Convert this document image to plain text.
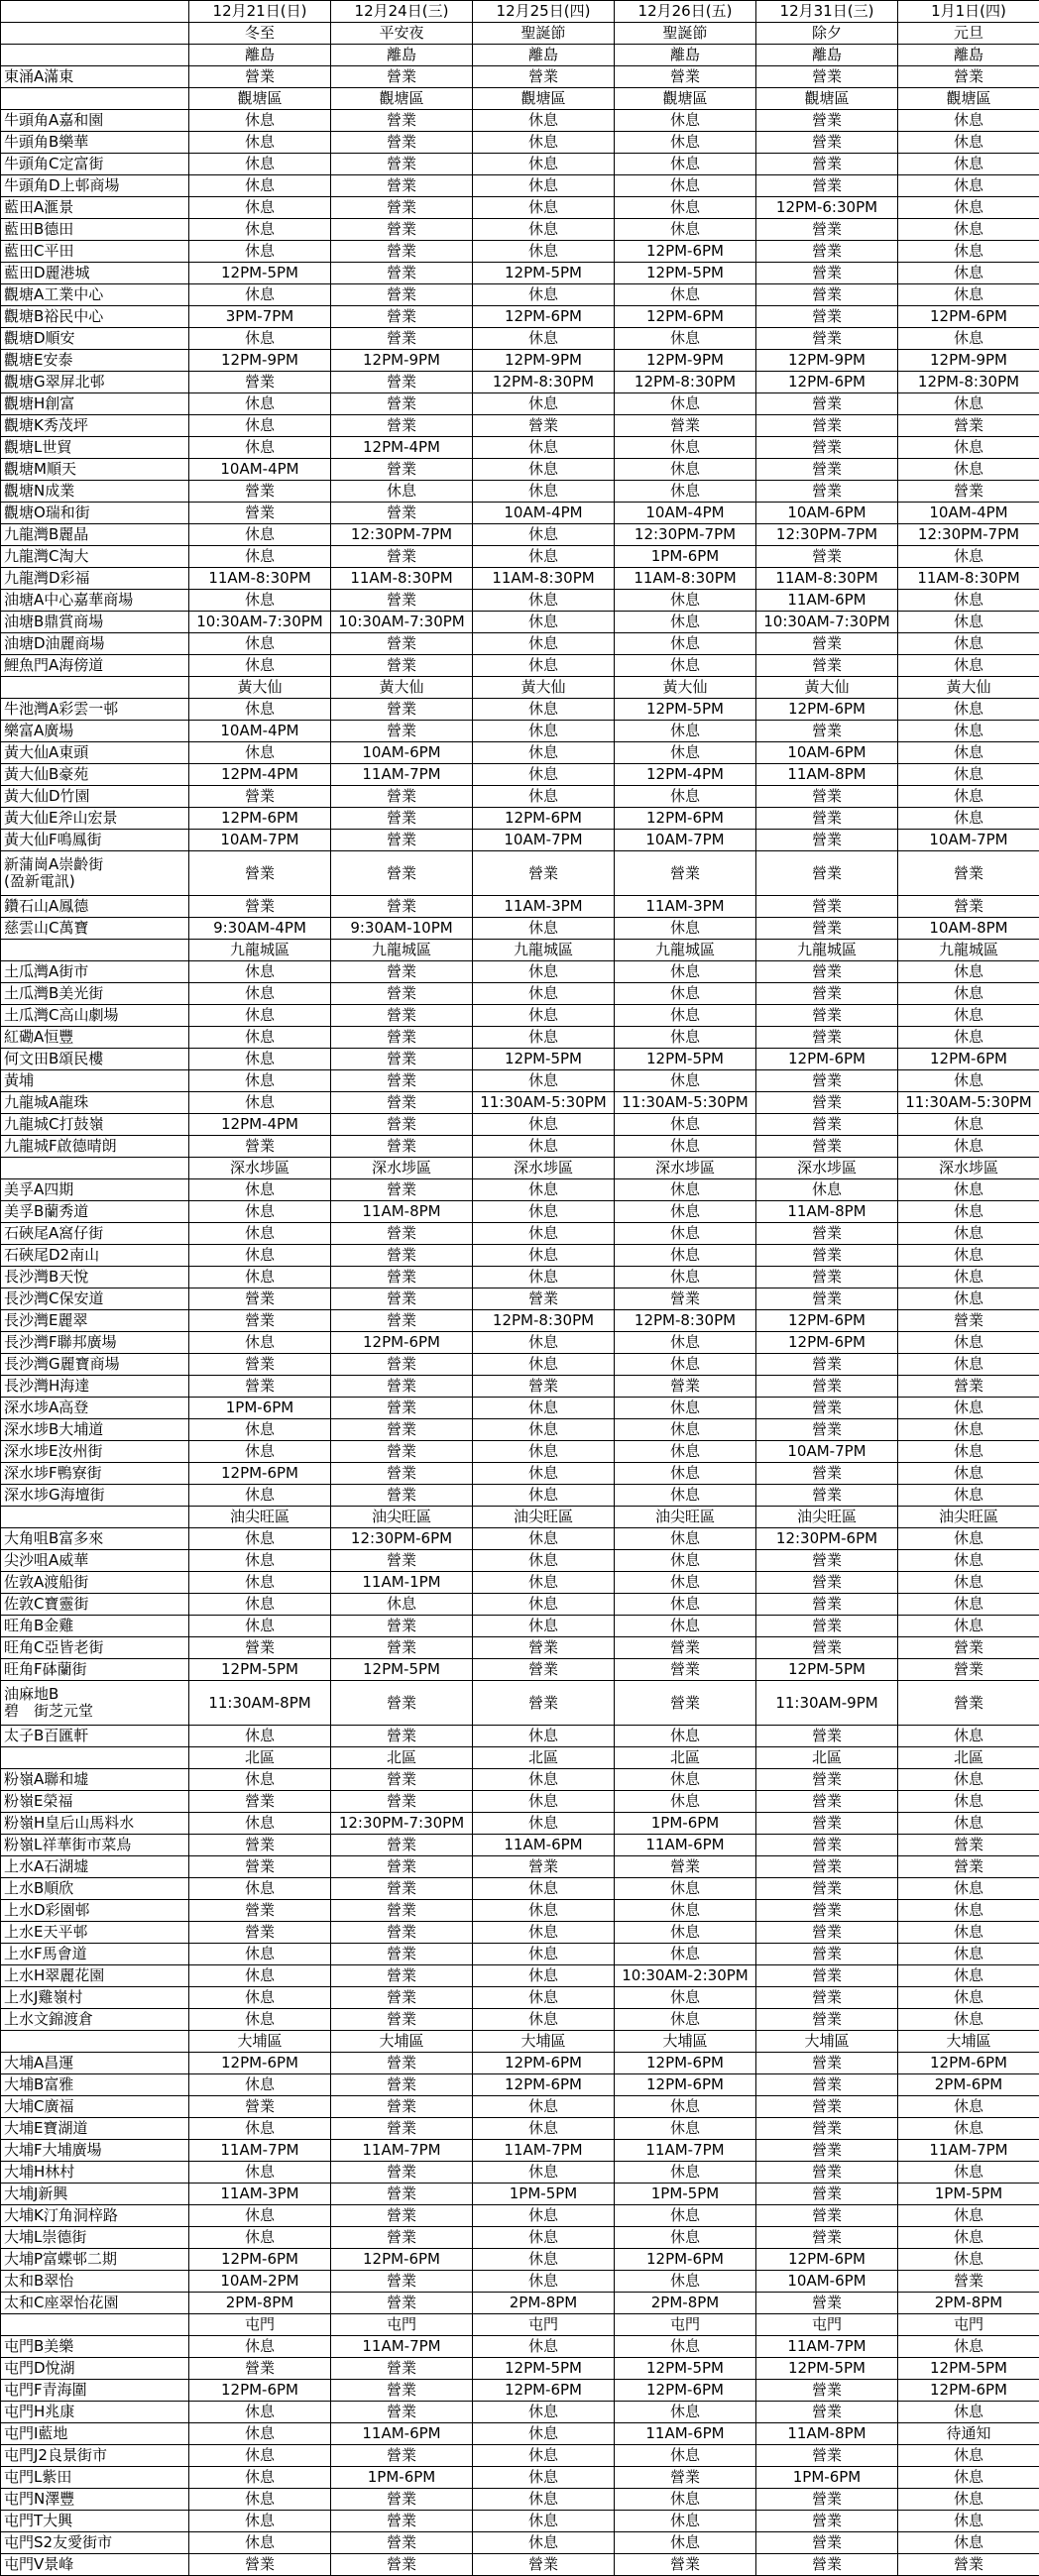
	12月21日(日)	12月24日(三)	12月25日(四)	12月26日(五)	12月31日(三)	1月1日(四)
	冬至	平安夜	聖誕節	聖誕節	除夕	元旦
	離島	離島	離島	離島	離島	離島
東涌A滿東	營業	營業	營業	營業	營業	營業
	觀塘區	觀塘區	觀塘區	觀塘區	觀塘區	觀塘區
牛頭角A嘉和園	休息	營業	休息	休息	營業	休息
牛頭角B樂華	休息	營業	休息	休息	營業	休息
牛頭角C定富街	休息	營業	休息	休息	營業	休息
牛頭角D上邨商場	休息	營業	休息	休息	營業	休息
藍田A滙景	休息	營業	休息	休息	12PM-6:30PM	休息
藍田B德田	休息	營業	休息	休息	營業	休息
藍田C平田	休息	營業	休息	12PM-6PM	營業	休息
藍田D麗港城	12PM-5PM	營業	12PM-5PM	12PM-5PM	營業	休息
觀塘A工業中心	休息	營業	休息	休息	營業	休息
觀塘B裕民中心	3PM-7PM	營業	12PM-6PM	12PM-6PM	營業	12PM-6PM
觀塘D順安	休息	營業	休息	休息	營業	休息
觀塘E安泰	12PM-9PM	12PM-9PM	12PM-9PM	12PM-9PM	12PM-9PM	12PM-9PM
觀塘G翠屏北邨	營業	營業	12PM-8:30PM	12PM-8:30PM	12PM-6PM	12PM-8:30PM
觀塘H創富	休息	營業	休息	休息	營業	休息
觀塘K秀茂坪	休息	營業	營業	營業	營業	營業
觀塘L世貿	休息	12PM-4PM	休息	休息	營業	休息
觀塘M順天	10AM-4PM	營業	休息	休息	營業	休息
觀塘N成業	營業	休息	休息	休息	營業	營業
觀塘O瑞和街	營業	營業	10AM-4PM	10AM-4PM	10AM-6PM	10AM-4PM
九龍灣B麗晶	休息	12:30PM-7PM	休息	12:30PM-7PM	12:30PM-7PM	12:30PM-7PM
九龍灣C淘大	休息	營業	休息	1PM-6PM	營業	休息
九龍灣D彩福	11AM-8:30PM	11AM-8:30PM	11AM-8:30PM	11AM-8:30PM	11AM-8:30PM	11AM-8:30PM
油塘A中心嘉華商場	休息	營業	休息	休息	11AM-6PM	休息
油塘B鼎賞商場	10:30AM-7:30PM	10:30AM-7:30PM	休息	休息	10:30AM-7:30PM	休息
油塘D油麗商場	休息	營業	休息	休息	營業	休息
鯉魚門A海傍道	休息	營業	休息	休息	營業	休息
	黃大仙	黃大仙	黃大仙	黃大仙	黃大仙	黃大仙
牛池灣A彩雲一邨	休息	營業	休息	12PM-5PM	12PM-6PM	休息
樂富A廣場	10AM-4PM	營業	休息	休息	營業	休息
黃大仙A東頭	休息	10AM-6PM	休息	休息	10AM-6PM	休息
黃大仙B豪苑	12PM-4PM	11AM-7PM	休息	12PM-4PM	11AM-8PM	休息
黃大仙D竹園	營業	營業	休息	休息	營業	休息
黃大仙E斧山宏景	12PM-6PM	營業	12PM-6PM	12PM-6PM	營業	休息
黃大仙F鳴鳳街	10AM-7PM	營業	10AM-7PM	10AM-7PM	營業	10AM-7PM
新蒲崗A崇齡街
(盈新電訊)	營業	營業	營業	營業	營業	營業
鑽石山A鳳德	營業	營業	11AM-3PM	11AM-3PM	營業	營業
慈雲山C萬寶	9:30AM-4PM	9:30AM-10PM	休息	休息	營業	10AM-8PM
	九龍城區	九龍城區	九龍城區	九龍城區	九龍城區	九龍城區
土瓜灣A街市	休息	營業	休息	休息	營業	休息
土瓜灣B美光街	休息	營業	休息	休息	營業	休息
土瓜灣C高山劇場	休息	營業	休息	休息	營業	休息
紅磡A恒豐	休息	營業	休息	休息	營業	休息
何文田B頌民樓	休息	營業	12PM-5PM	12PM-5PM	12PM-6PM	12PM-6PM
黃埔	休息	營業	休息	休息	營業	休息
九龍城A龍珠	休息	營業	11:30AM-5:30PM	11:30AM-5:30PM	營業	11:30AM-5:30PM
九龍城C打鼓嶺	12PM-4PM	營業	休息	休息	營業	休息
九龍城F啟德晴朗	營業	營業	休息	休息	營業	休息
	深水埗區	深水埗區	深水埗區	深水埗區	深水埗區	深水埗區
美孚A四期	休息	營業	休息	休息	休息	休息
美孚B蘭秀道	休息	11AM-8PM	休息	休息	11AM-8PM	休息
石硤尾A窩仔街	休息	營業	休息	休息	營業	休息
石硤尾D2南山	休息	營業	休息	休息	營業	休息
長沙灣B天悅	休息	營業	休息	休息	營業	休息
長沙灣C保安道	營業	營業	營業	營業	營業	休息
長沙灣E麗翠	營業	營業	12PM-8:30PM	12PM-8:30PM	12PM-6PM	營業
長沙灣F聯邦廣場	休息	12PM-6PM	休息	休息	12PM-6PM	休息
長沙灣G麗寶商場	營業	營業	休息	休息	營業	休息
長沙灣H海達	營業	營業	營業	營業	營業	營業
深水埗A高登	1PM-6PM	營業	休息	休息	營業	休息
深水埗B大埔道	休息	營業	休息	休息	營業	休息
深水埗E汝州街	休息	營業	休息	休息	10AM-7PM	休息
深水埗F鴨寮街	12PM-6PM	營業	休息	休息	營業	休息
深水埗G海壇街	休息	營業	休息	休息	營業	休息
	油尖旺區	油尖旺區	油尖旺區	油尖旺區	油尖旺區	油尖旺區
大角咀B富多來	休息	12:30PM-6PM	休息	休息	12:30PM-6PM	休息
尖沙咀A威華	休息	營業	休息	休息	營業	休息
佐敦A渡船街	休息	11AM-1PM	休息	休息	營業	休息
佐敦C寶靈街	休息	休息	休息	休息	營業	休息
旺角B金雞	休息	營業	休息	休息	營業	休息
旺角C亞皆老街	營業	營業	營業	營業	營業	營業
旺角F砵蘭街	12PM-5PM	12PM-5PM	營業	營業	12PM-5PM	營業
油麻地B
碧　街芝元堂	11:30AM-8PM	營業	營業	營業	11:30AM-9PM	營業
太子B百匯軒	休息	營業	休息	休息	營業	休息
	北區	北區	北區	北區	北區	北區
粉嶺A聯和墟	休息	營業	休息	休息	營業	休息
粉嶺E榮福	營業	營業	休息	休息	營業	休息
粉嶺H皇后山馬料水	休息	12:30PM-7:30PM	休息	1PM-6PM	營業	休息
粉嶺L祥華街市菜鳥	營業	營業	11AM-6PM	11AM-6PM	營業	營業
上水A石湖墟	營業	營業	營業	營業	營業	營業
上水B順欣	休息	營業	休息	休息	營業	休息
上水D彩園邨	營業	營業	休息	休息	營業	休息
上水E天平邨	營業	營業	休息	休息	營業	休息
上水F馬會道	休息	營業	休息	休息	營業	休息
上水H翠麗花園	休息	營業	休息	10:30AM-2:30PM	營業	休息
上水J雞嶺村	休息	營業	休息	休息	營業	休息
上水文錦渡倉	休息	營業	休息	休息	營業	休息
	大埔區	大埔區	大埔區	大埔區	大埔區	大埔區
大埔A昌運	12PM-6PM	營業	12PM-6PM	12PM-6PM	營業	12PM-6PM
大埔B富雅	休息	營業	12PM-6PM	12PM-6PM	營業	2PM-6PM
大埔C廣福	營業	營業	休息	休息	營業	休息
大埔E寶湖道	休息	營業	休息	休息	營業	休息
大埔F大埔廣場	11AM-7PM	11AM-7PM	11AM-7PM	11AM-7PM	營業	11AM-7PM
大埔H林村	休息	營業	休息	休息	營業	休息
大埔J新興	11AM-3PM	營業	1PM-5PM	1PM-5PM	營業	1PM-5PM
大埔K汀角洞梓路	休息	營業	休息	休息	營業	休息
大埔L崇德街	休息	營業	休息	休息	營業	休息
大埔P富蝶邨二期	12PM-6PM	12PM-6PM	休息	12PM-6PM	12PM-6PM	休息
太和B翠怡	10AM-2PM	營業	休息	休息	10AM-6PM	營業
太和C座翠怡花園	2PM-8PM	營業	2PM-8PM	2PM-8PM	營業	2PM-8PM
	屯門	屯門	屯門	屯門	屯門	屯門
屯門B美樂	休息	11AM-7PM	休息	休息	11AM-7PM	休息
屯門D悅湖	營業	營業	12PM-5PM	12PM-5PM	12PM-5PM	12PM-5PM
屯門F青海圍	12PM-6PM	營業	12PM-6PM	12PM-6PM	營業	12PM-6PM
屯門H兆康	休息	營業	休息	休息	營業	休息
屯門I藍地	休息	11AM-6PM	休息	11AM-6PM	11AM-8PM	待通知
屯門J2良景街市	休息	營業	休息	休息	營業	休息
屯門L紫田	休息	1PM-6PM	休息	營業	1PM-6PM	休息
屯門N澤豐	休息	營業	休息	休息	營業	休息
屯門T大興	休息	營業	休息	休息	營業	休息
屯門S2友愛街市	休息	營業	休息	休息	營業	休息
屯門V景峰	營業	營業	營業	營業	營業	營業
